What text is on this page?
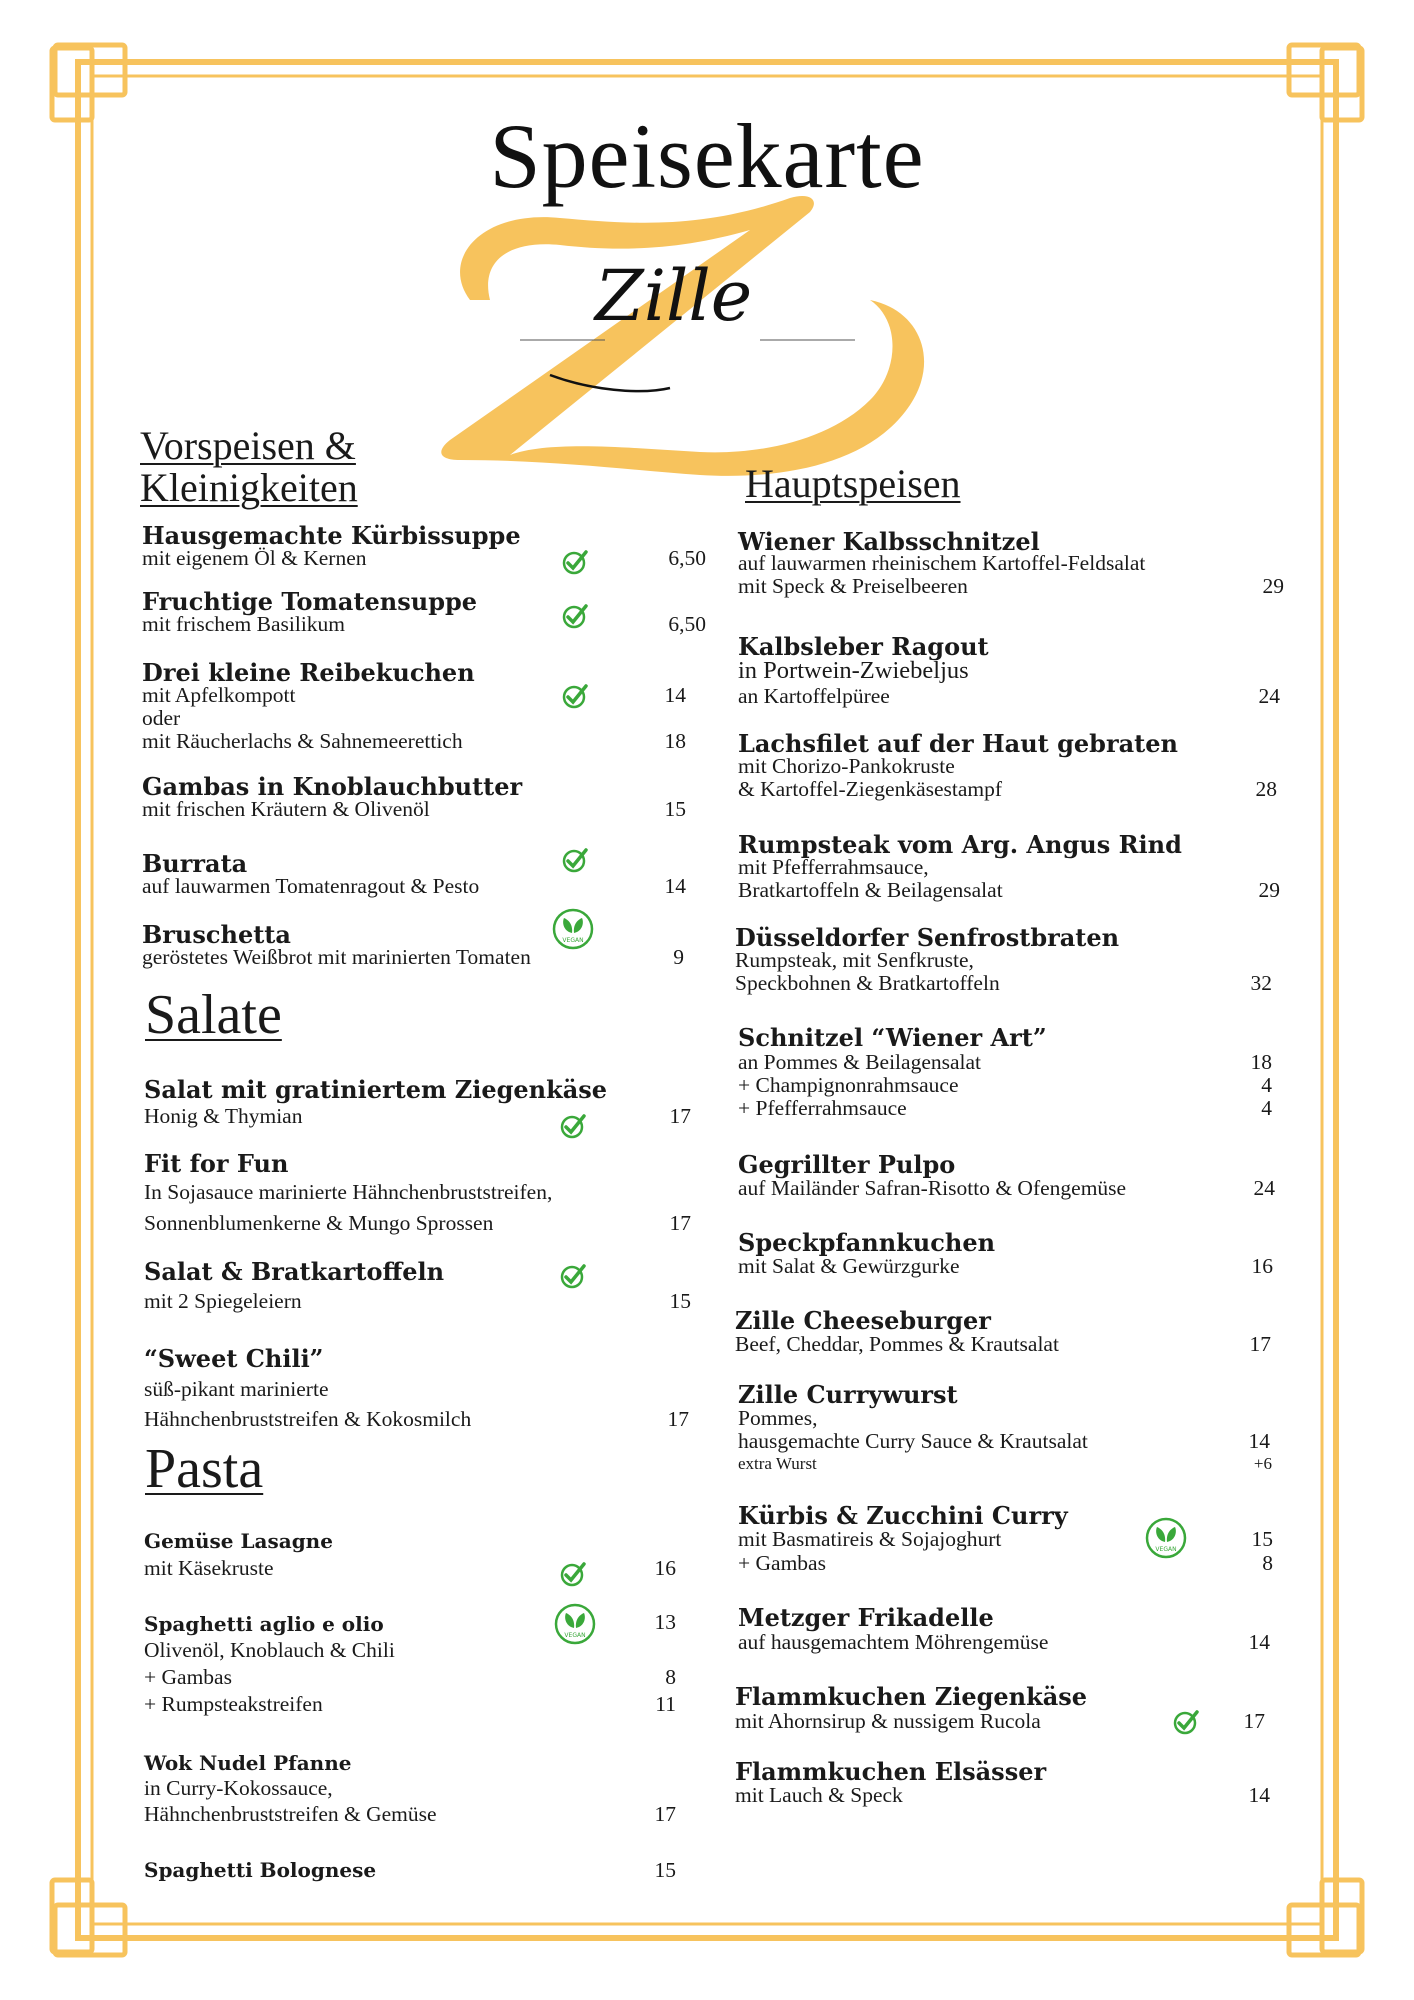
Speisekarte
Zille
Vorspeisen &
Kleinigkeiten
Hausgemachte Kürbissuppe
mit eigenem Öl & Kernen	6,50
Fruchtige Tomatensuppe
mit frischem Basilikum	6,50
Drei kleine Reibekuchen
mit Apfelkompott	14
oder
mit Räucherlachs & Sahnemeerettich	18
Gambas in Knoblauchbutter
mit frischen Kräutern & Olivenöl	15
Burrata
auf lauwarmen Tomatenragout & Pesto	14
Bruschetta
geröstetes Weißbrot mit marinierten Tomaten	9
VEGAN
Salate
Salat mit gratiniertem Ziegenkäse
Honig & Thymian	17
Fit for Fun
In Sojasauce marinierte Hähnchenbruststreifen,
Sonnenblumenkerne & Mungo Sprossen	17
Salat & Bratkartoffeln
mit 2 Spiegeleiern	15
“Sweet Chili”
süß-pikant marinierte
Hähnchenbruststreifen & Kokosmilch	17
Pasta
Gemüse Lasagne
mit Käsekruste	16
Spaghetti aglio e olio	13
VEGAN
Olivenöl, Knoblauch & Chili
+ Gambas	8
+ Rumpsteakstreifen	11
Wok Nudel Pfanne
in Curry-Kokossauce,
Hähnchenbruststreifen & Gemüse	17
Spaghetti Bolognese	15
Hauptspeisen
Wiener Kalbsschnitzel
auf lauwarmen rheinischem Kartoffel-Feldsalat
mit Speck & Preiselbeeren	29
Kalbsleber Ragout
in Portwein-Zwiebeljus
an Kartoffelpüree	24
Lachsfilet auf der Haut gebraten
mit Chorizo-Pankokruste
& Kartoffel-Ziegenkäsestampf	28
Rumpsteak vom Arg. Angus Rind
mit Pfefferrahmsauce,
Bratkartoffeln & Beilagensalat	29
Düsseldorfer Senfrostbraten
Rumpsteak, mit Senfkruste,
Speckbohnen & Bratkartoffeln	32
Schnitzel “Wiener Art”
an Pommes & Beilagensalat	18
+ Champignonrahmsauce	4
+ Pfefferrahmsauce	4
Gegrillter Pulpo
auf Mailänder Safran-Risotto & Ofengemüse	24
Speckpfannkuchen
mit Salat & Gewürzgurke	16
Zille Cheeseburger
Beef, Cheddar, Pommes & Krautsalat	17
Zille Currywurst
Pommes,
hausgemachte Curry Sauce & Krautsalat	14
extra Wurst	+6
Kürbis & Zucchini Curry
mit Basmatireis & Sojajoghurt	15
VEGAN
+ Gambas	8
Metzger Frikadelle
auf hausgemachtem Möhrengemüse	14
Flammkuchen Ziegenkäse
mit Ahornsirup & nussigem Rucola	17
Flammkuchen Elsässer
mit Lauch & Speck	14
